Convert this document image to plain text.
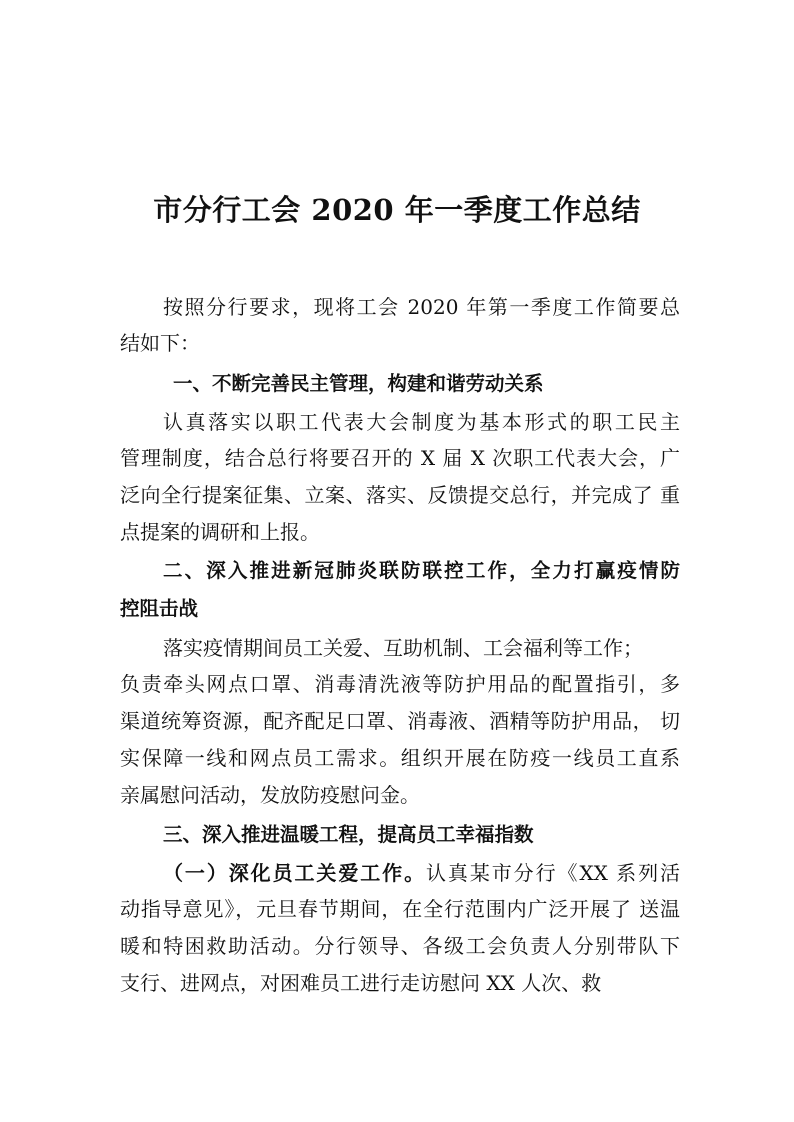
市分行工会 2020 年一季度工作总结
按照分行要求，现将工会 2020 年第一季度工作简要总
结如下：
一、不断完善民主管理，构建和谐劳动关系
认真落实以职工代表大会制度为基本形式的职工民主
管理制度，结合总行将要召开的 X 届 X 次职工代表大会，广
泛向全行提案征集、立案、落实、反馈提交总行，并完成了 重
点提案的调研和上报。
二、深入推进新冠肺炎联防联控工作，全力打赢疫情防
控阻击战
落实疫情期间员工关爱、互助机制、工会福利等工作；
负责牵头网点口罩、消毒清洗液等防护用品的配置指引，多
渠道统筹资源，配齐配足口罩、消毒液、酒精等防护用品， 切
实保障一线和网点员工需求。组织开展在防疫一线员工直系
亲属慰问活动，发放防疫慰问金。
三、深入推进温暖工程，提高员工幸福指数
（一）深化员工关爱工作。认真某市分行《XX 系列活
动指导意见》，元旦春节期间，在全行范围内广泛开展了 送温
暖和特困救助活动。分行领导、各级工会负责人分别带队下
支行、进网点，对困难员工进行走访慰问 XX 人次、救
